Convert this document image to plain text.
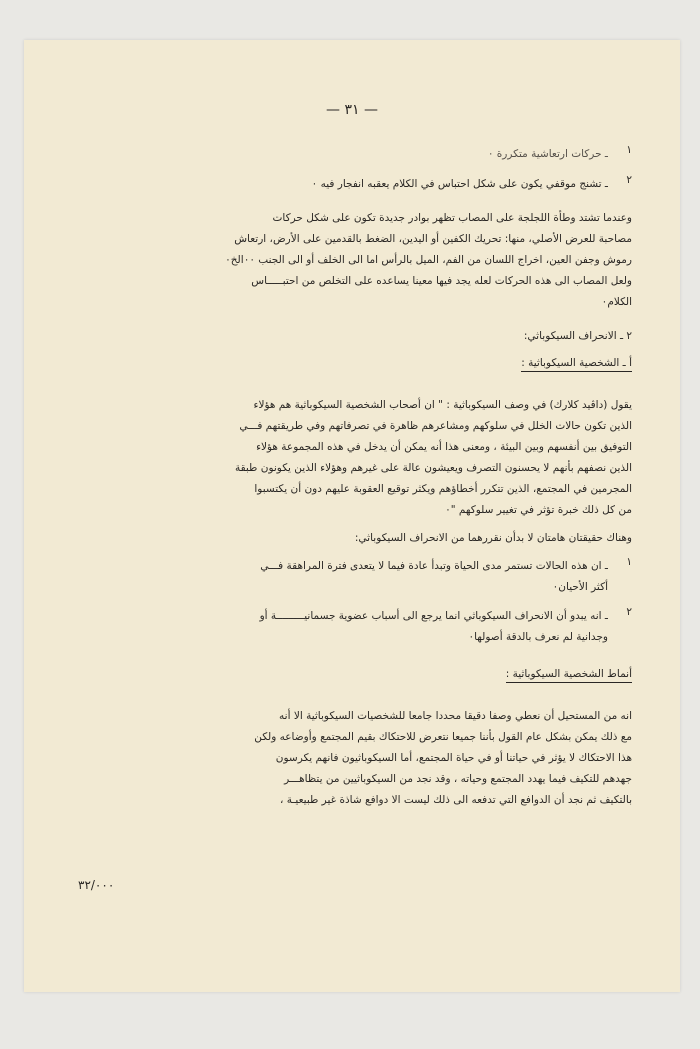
— ٣١ —
١
ـ حركات ارتعاشية متكررة ٠
٢
ـ تشنج موقفي يكون على شكل احتباس في الكلام يعقبه انفجار فيه ٠
وعندما تشتد وطأة اللجلجة على المصاب تظهر بوادر جديدة تكون على شكل حركات
مصاحبة للعرض الأصلي، منها: تحريك الكفين أو اليدين، الضغط بالقدمين على الأرض، ارتعاش
رموش وجفن العين، اخراج اللسان من الفم، الميل بالرأس اما الى الخلف أو الى الجنب ٠٠الخ٠
ولعل المصاب الى هذه الحركات لعله يجد فيها معينا يساعده على التخلص من احتبـــــاس
الكلام٠
٢ ـ الانحراف السيكوباثي:
أ ـ الشخصية السيكوباثية :
يقول (داڤيد كلارك) في وصف السيكوباثية : " ان أصحاب الشخصية السيكوباثية هم هؤلاء
الذين تكون حالات الخلل في سلوكهم ومشاعرهم ظاهرة في تصرفاتهم وفي طريقتهم فـــي
التوفيق بين أنفسهم وبين البيئة ، ومعنى هذا أنه يمكن أن يدخل في هذه المجموعة هؤلاء
الذين نصفهم بأنهم لا يحسنون التصرف ويعيشون عالة على غيرهم وهؤلاء الذين يكونون طبقة
المجرمين في المجتمع، الذين تتكرر أخطاؤهم ويكثر توقيع العقوبة عليهم دون أن يكتسبوا
من كل ذلك خبرة تؤثر في تغيير سلوكهم "٠
وهناك حقيقتان هامتان لا بدأن نقررهما من الانحراف السيكوباثي:
١
ـ ان هذه الحالات تستمر مدى الحياة وتبدأ عادة فيما لا يتعدى فترة المراهقة فـــي
أكثر الأحيان٠
٢
ـ انه يبدو أن الانحراف السيكوباثي انما يرجع الى أسباب عضوية جسمانيـــــــــة أو
وجدانية لم نعرف بالدقة أصولها٠
أنماط الشخصية السيكوباثية :
انه من المستحيل أن نعطي وصفا دقيقا محددا جامعا للشخصيات السيكوباثية الا أنه
مع ذلك يمكن بشكل عام القول بأننا جميعا نتعرض للاحتكاك بقيم المجتمع وأوضاعه ولكن
هذا الاحتكاك لا يؤثر في حياتنا أو في حياة المجتمع، أما السيكوباثيون فانهم يكرسون
جهدهم للتكيف فيما يهدد المجتمع وحياته ، وقد نجد من السيكوباثيين من يتظاهـــر
بالتكيف ثم نجد أن الدوافع التي تدفعه الى ذلك ليست الا دوافع شاذة غير طبيعيـة ،
٣٢/٠٠٠
